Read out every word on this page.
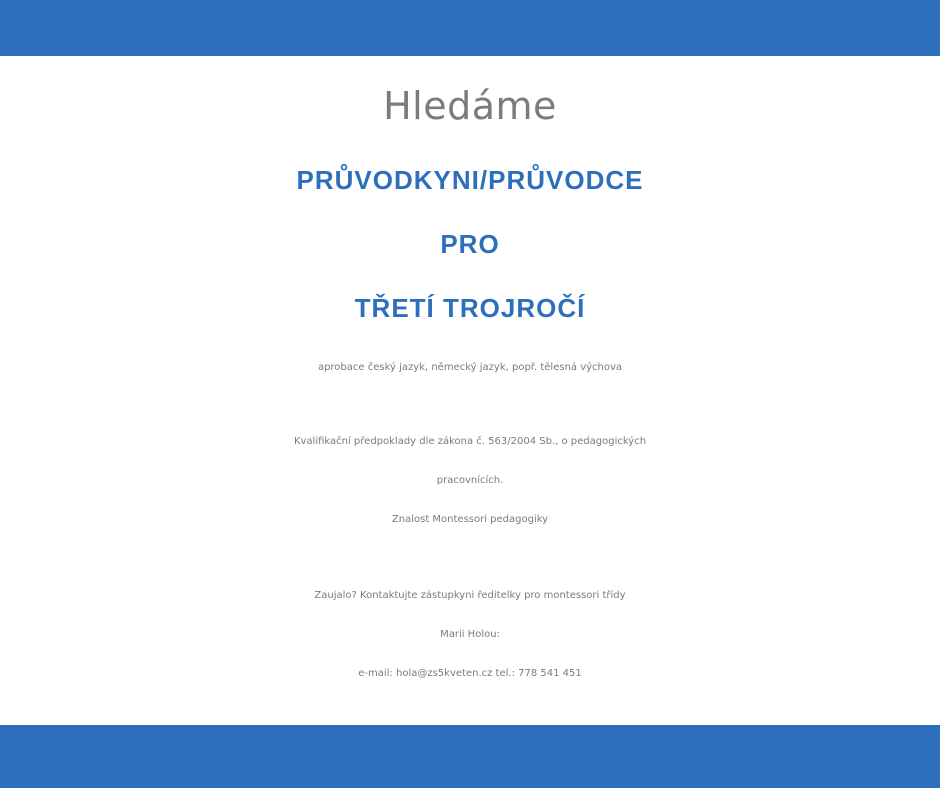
Hledáme
PRŮVODKYNI/PRŮVODCE
PRO
TŘETÍ TROJROČÍ
aprobace český jazyk, německý jazyk, popř. tělesná výchova
Kvalifikační předpoklady dle zákona č. 563/2004 Sb., o pedagogických
pracovnících.
Znalost Montessori pedagogiky
Zaujalo? Kontaktujte zástupkyni ředitelky pro montessori třídy
Marii Holou:
e-mail: hola@zs5kveten.cz tel.: 778 541 451
